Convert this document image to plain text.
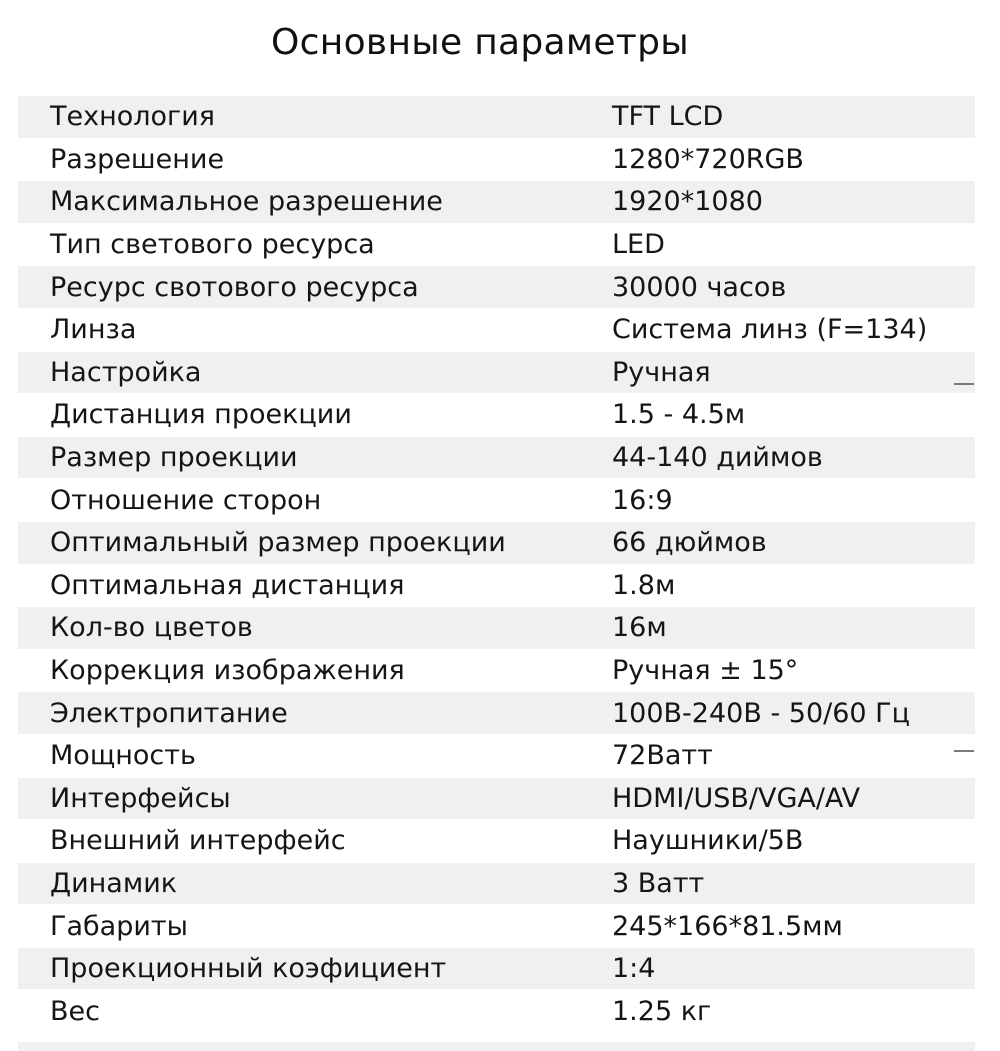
Основные параметры
Технология	TFT LCD
Разрешение	1280*720RGB
Максимальное разрешение	1920*1080
Тип светового ресурса	LED
Ресурс свотового ресурса	30000 часов
Линза	Система линз (F=134)
Настройка	Ручная
Дистанция проекции	1.5 - 4.5м
Размер проекции	44-140 диймов
Отношение сторон	16:9
Оптимальный размер проекции	66 дюймов
Оптимальная дистанция	1.8м
Кол-во цветов	16м
Коррекция изображения	Ручная ± 15°
Электропитание	100В-240В - 50/60 Гц
Мощность	72Ватт
Интерфейсы	HDMI/USB/VGA/AV
Внешний интерфейс	Наушники/5В
Динамик	3 Ватт
Габариты	245*166*81.5мм
Проекционный коэфициент	1:4
Вес	1.25 кг
